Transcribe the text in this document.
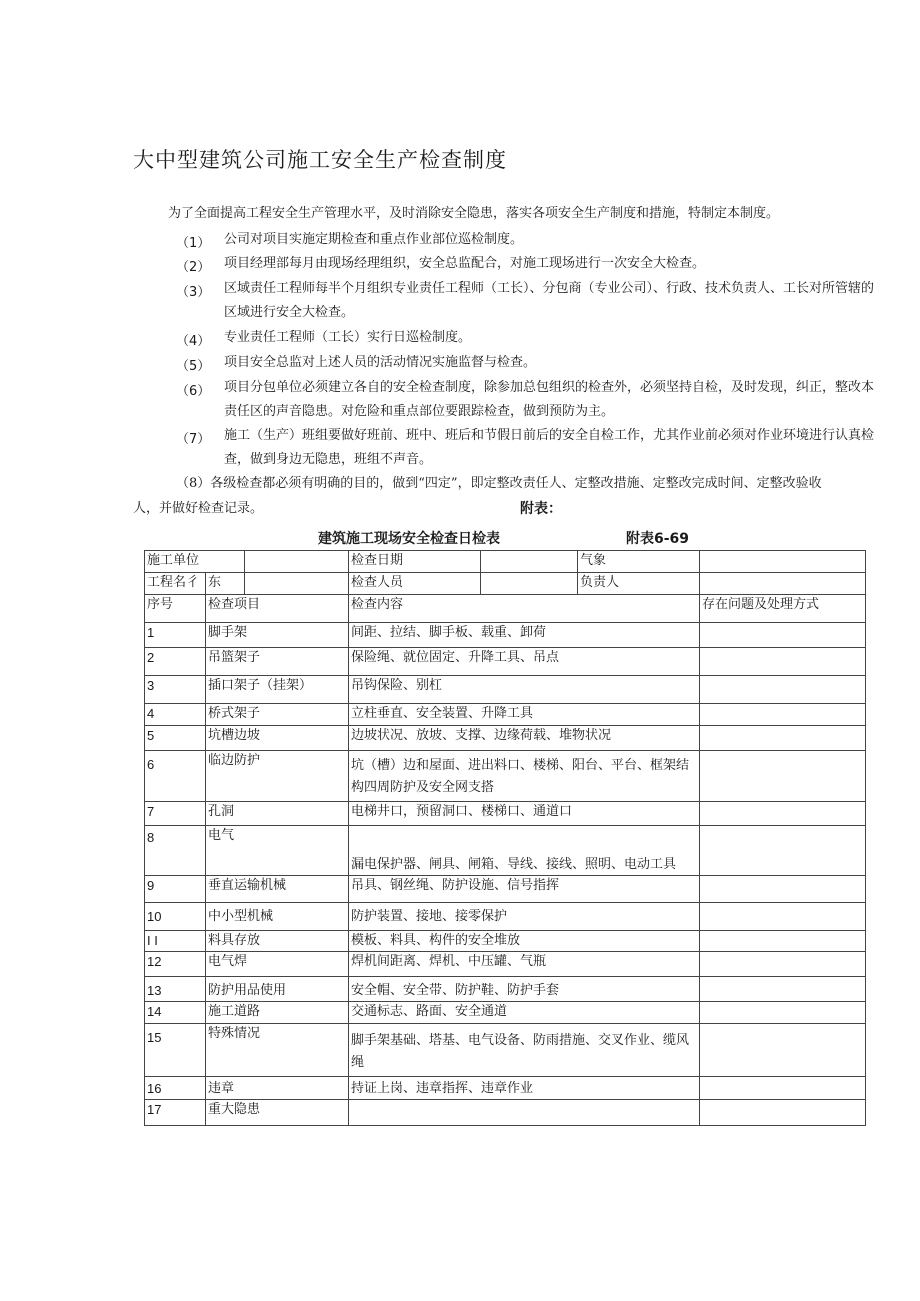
大中型建筑公司施工安全生产检查制度
为了全面提高工程安全生产管理水平，及时消除安全隐患，落实各项安全生产制度和措施，特制定本制度。
（1） 公司对项目实施定期检查和重点作业部位巡检制度。
（2） 项目经理部每月由现场经理组织，安全总监配合，对施工现场进行一次安全大检查。
（3） 区域责任工程师每半个月组织专业责任工程师（工长）、分包商（专业公司）、行政、技术负责人、工长对所管辖的区域进行安全大检查。
（4） 专业责任工程师（工长）实行日巡检制度。
（5） 项目安全总监对上述人员的活动情况实施监督与检查。
（6） 项目分包单位必须建立各自的安全检查制度，除参加总包组织的检查外，必须坚持自检，及时发现，纠正，整改本责任区的声音隐患。对危险和重点部位要跟踪检查，做到预防为主。
（7） 施工（生产）班组要做好班前、班中、班后和节假日前后的安全自检工作，尤其作业前必须对作业环境进行认真检查，做到身边无隐患，班组不声音。
（8）各级检查都必须有明确的目的，做到“四定”，即定整改责任人、定整改措施、定整改完成时间、定整改验收
人，并做好检查记录。	附表：
建筑施工现场安全检查日检表	附表6-69
施工单位			检查日期		气象	
工程名彳	东		检查人员		负责人	
序号	检查项目		检查内容			存在问题及处理方式
1	脚手架		间距、拉结、脚手板、载重、卸荷			
2	吊篮架子		保险绳、就位固定、升降工具、吊点			
3	插口架子（挂架）		吊钩保险、别杠			
4	桥式架子		立柱垂直、安全装置、升降工具			
5	坑槽边坡		边坡状况、放坡、支撑、边缘荷载、堆物状况			
6	临边防护		坑（槽）边和屋面、进出料口、楼梯、阳台、平台、框架结构四周防护及安全网支搭			
7	孔洞		电梯井口，预留洞口、楼梯口、通道口			
8	电气		漏电保护器、闸具、闸箱、导线、接线、照明、电动工具			
9	垂直运输机械		吊具、钢丝绳、防护设施、信号指挥			
10	中小型机械		防护装置、接地、接零保护			
I I	料具存放		模板、料具、构件的安全堆放			
12	电气焊		焊机间距离、焊机、中压罐、气瓶			
13	防护用品使用		安全帽、安全带、防护鞋、防护手套			
14	施工道路		交通标志、路面、安全通道			
15	特殊情况		脚手架基础、塔基、电气设备、防雨措施、交叉作业、缆风绳			
16	违章		持证上岗、违章指挥、违章作业			
17	重大隐患					
